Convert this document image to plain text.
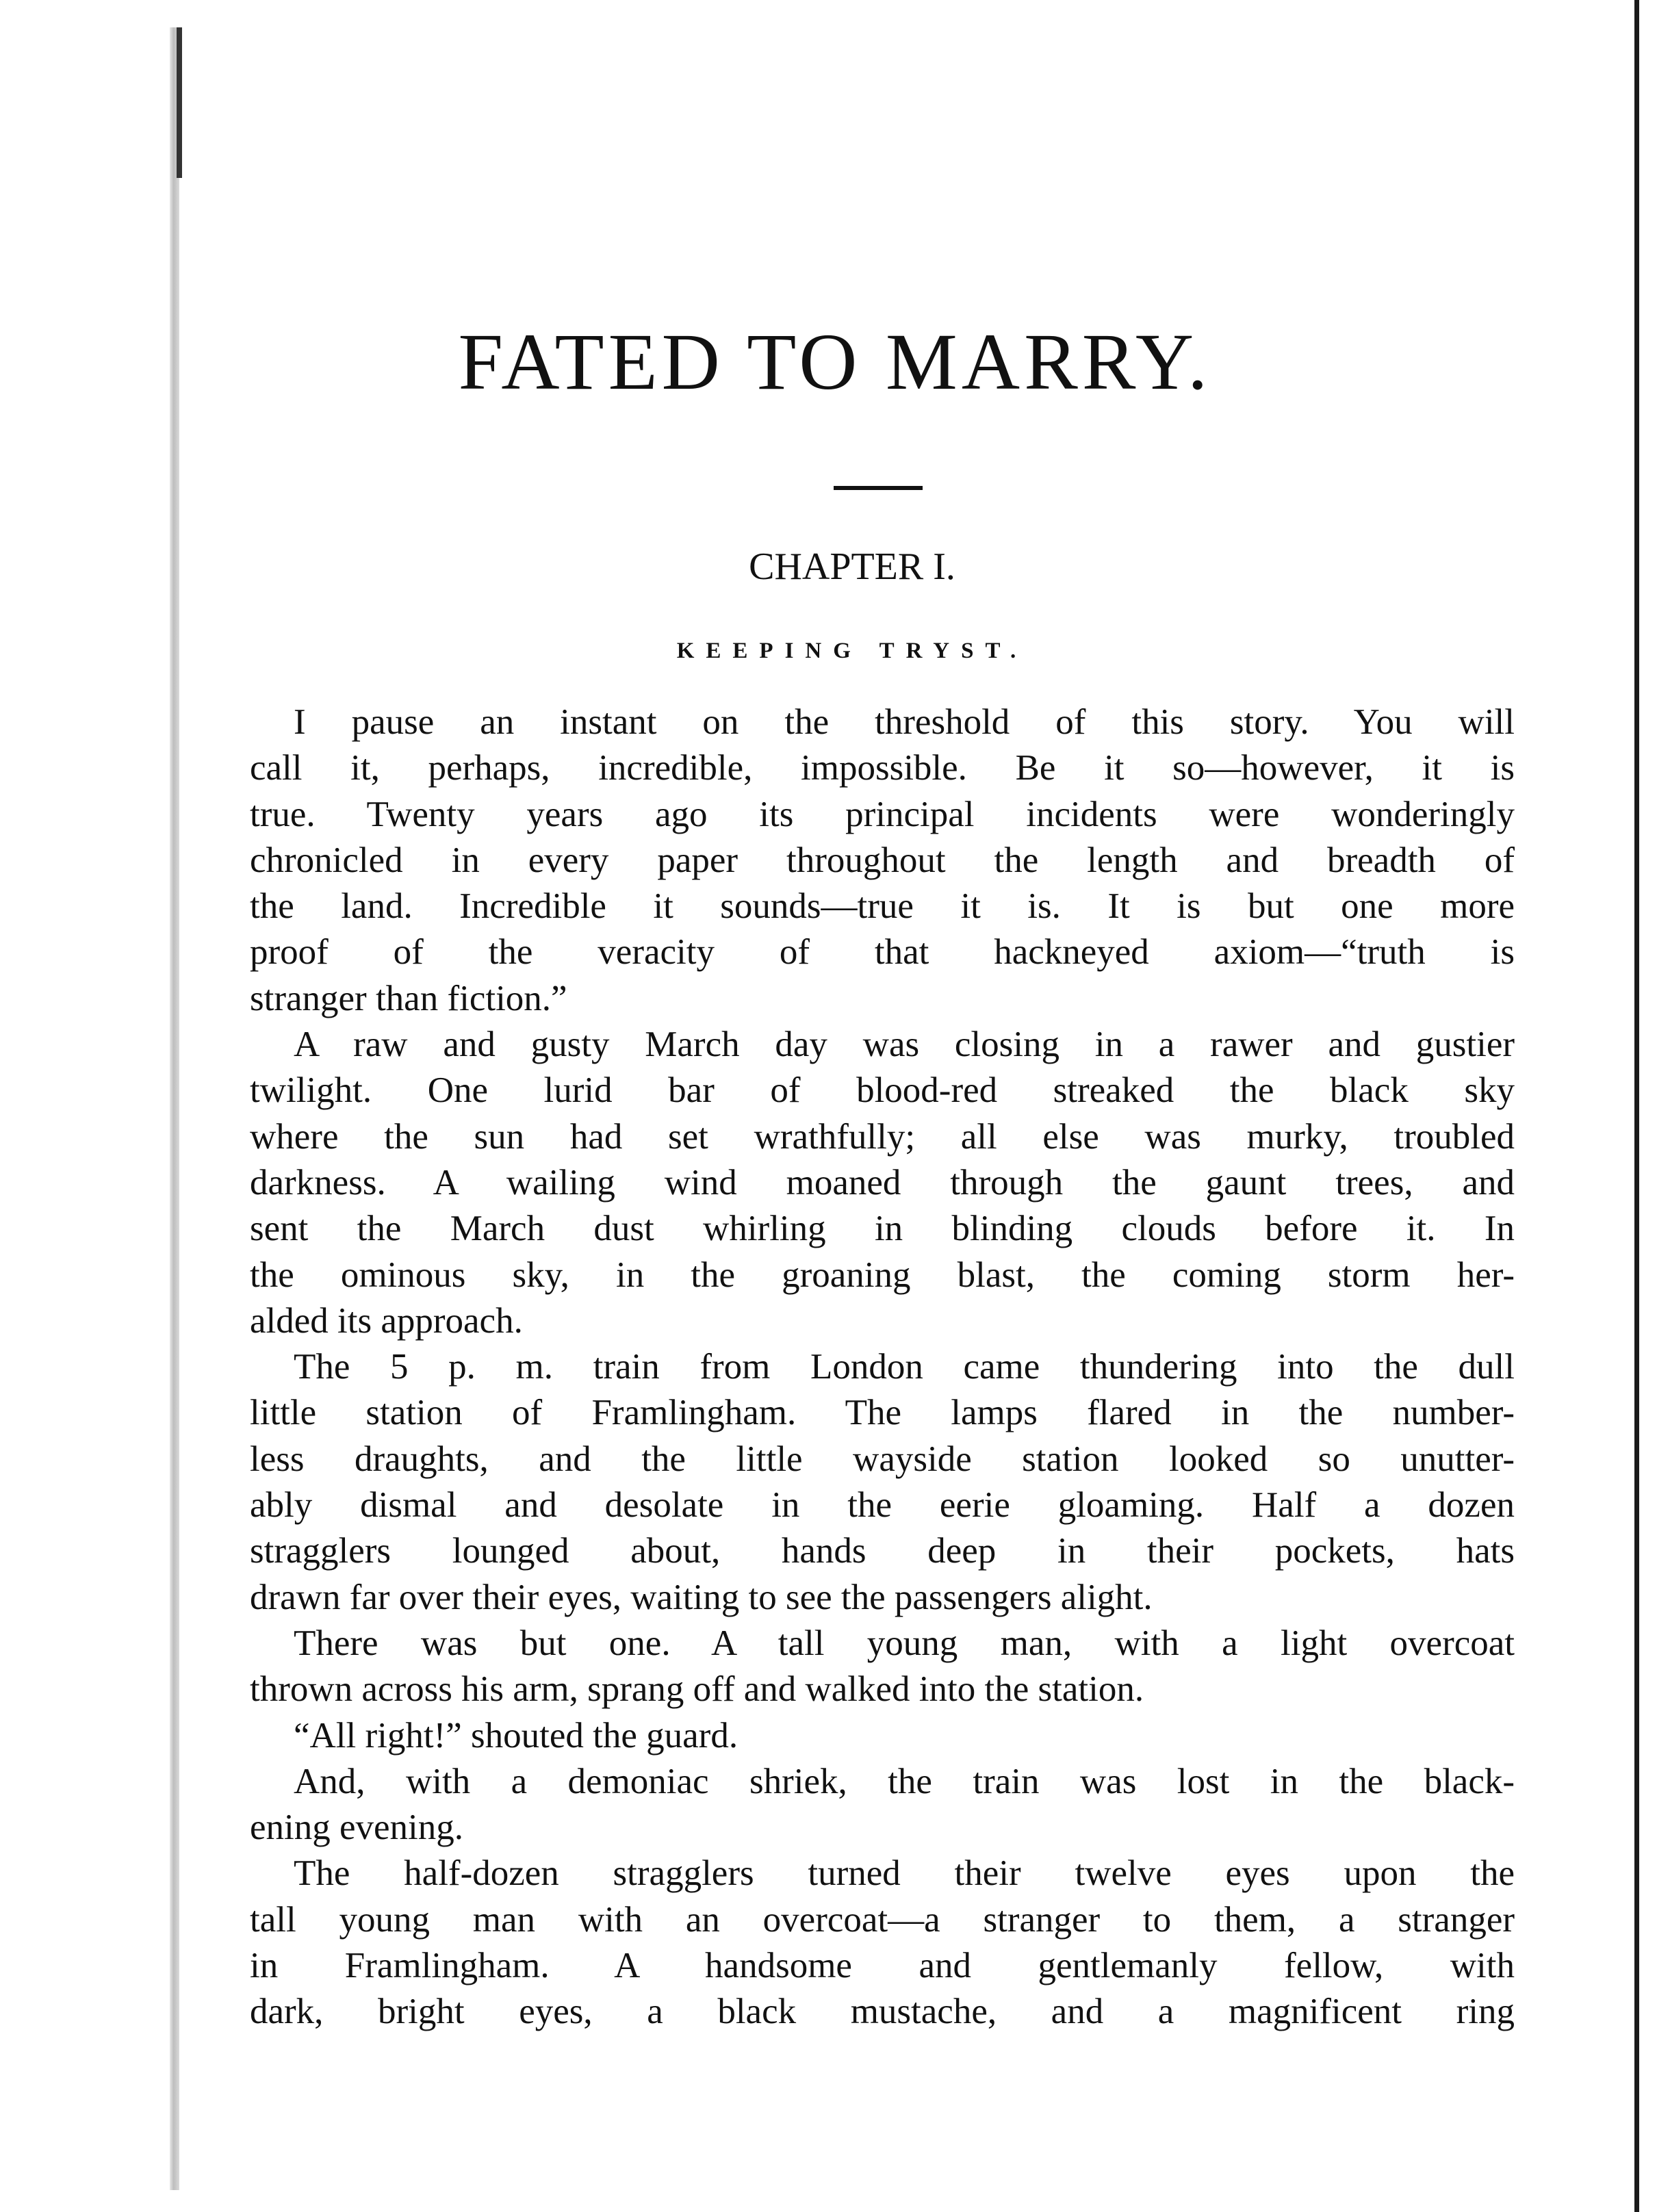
FATED TO MARRY.
CHAPTER I.
KEEPING TRYST.
I pause an instant on the threshold of this story. You will
call it, perhaps, incredible, impossible. Be it so—however, it is
true. Twenty years ago its principal incidents were wonderingly
chronicled in every paper throughout the length and breadth of
the land. Incredible it sounds—true it is. It is but one more
proof of the veracity of that hackneyed axiom—“truth is
stranger than fiction.”
A raw and gusty March day was closing in a rawer and gustier
twilight. One lurid bar of blood-red streaked the black sky
where the sun had set wrathfully; all else was murky, troubled
darkness. A wailing wind moaned through the gaunt trees, and
sent the March dust whirling in blinding clouds before it. In
the ominous sky, in the groaning blast, the coming storm her-
alded its approach.
The 5 p. m. train from London came thundering into the dull
little station of Framlingham. The lamps flared in the number-
less draughts, and the little wayside station looked so unutter-
ably dismal and desolate in the eerie gloaming. Half a dozen
stragglers lounged about, hands deep in their pockets, hats
drawn far over their eyes, waiting to see the passengers alight.
There was but one. A tall young man, with a light overcoat
thrown across his arm, sprang off and walked into the station.
“All right!” shouted the guard.
And, with a demoniac shriek, the train was lost in the black-
ening evening.
The half-dozen stragglers turned their twelve eyes upon the
tall young man with an overcoat—a stranger to them, a stranger
in Framlingham. A handsome and gentlemanly fellow, with
dark, bright eyes, a black mustache, and a magnificent ring
